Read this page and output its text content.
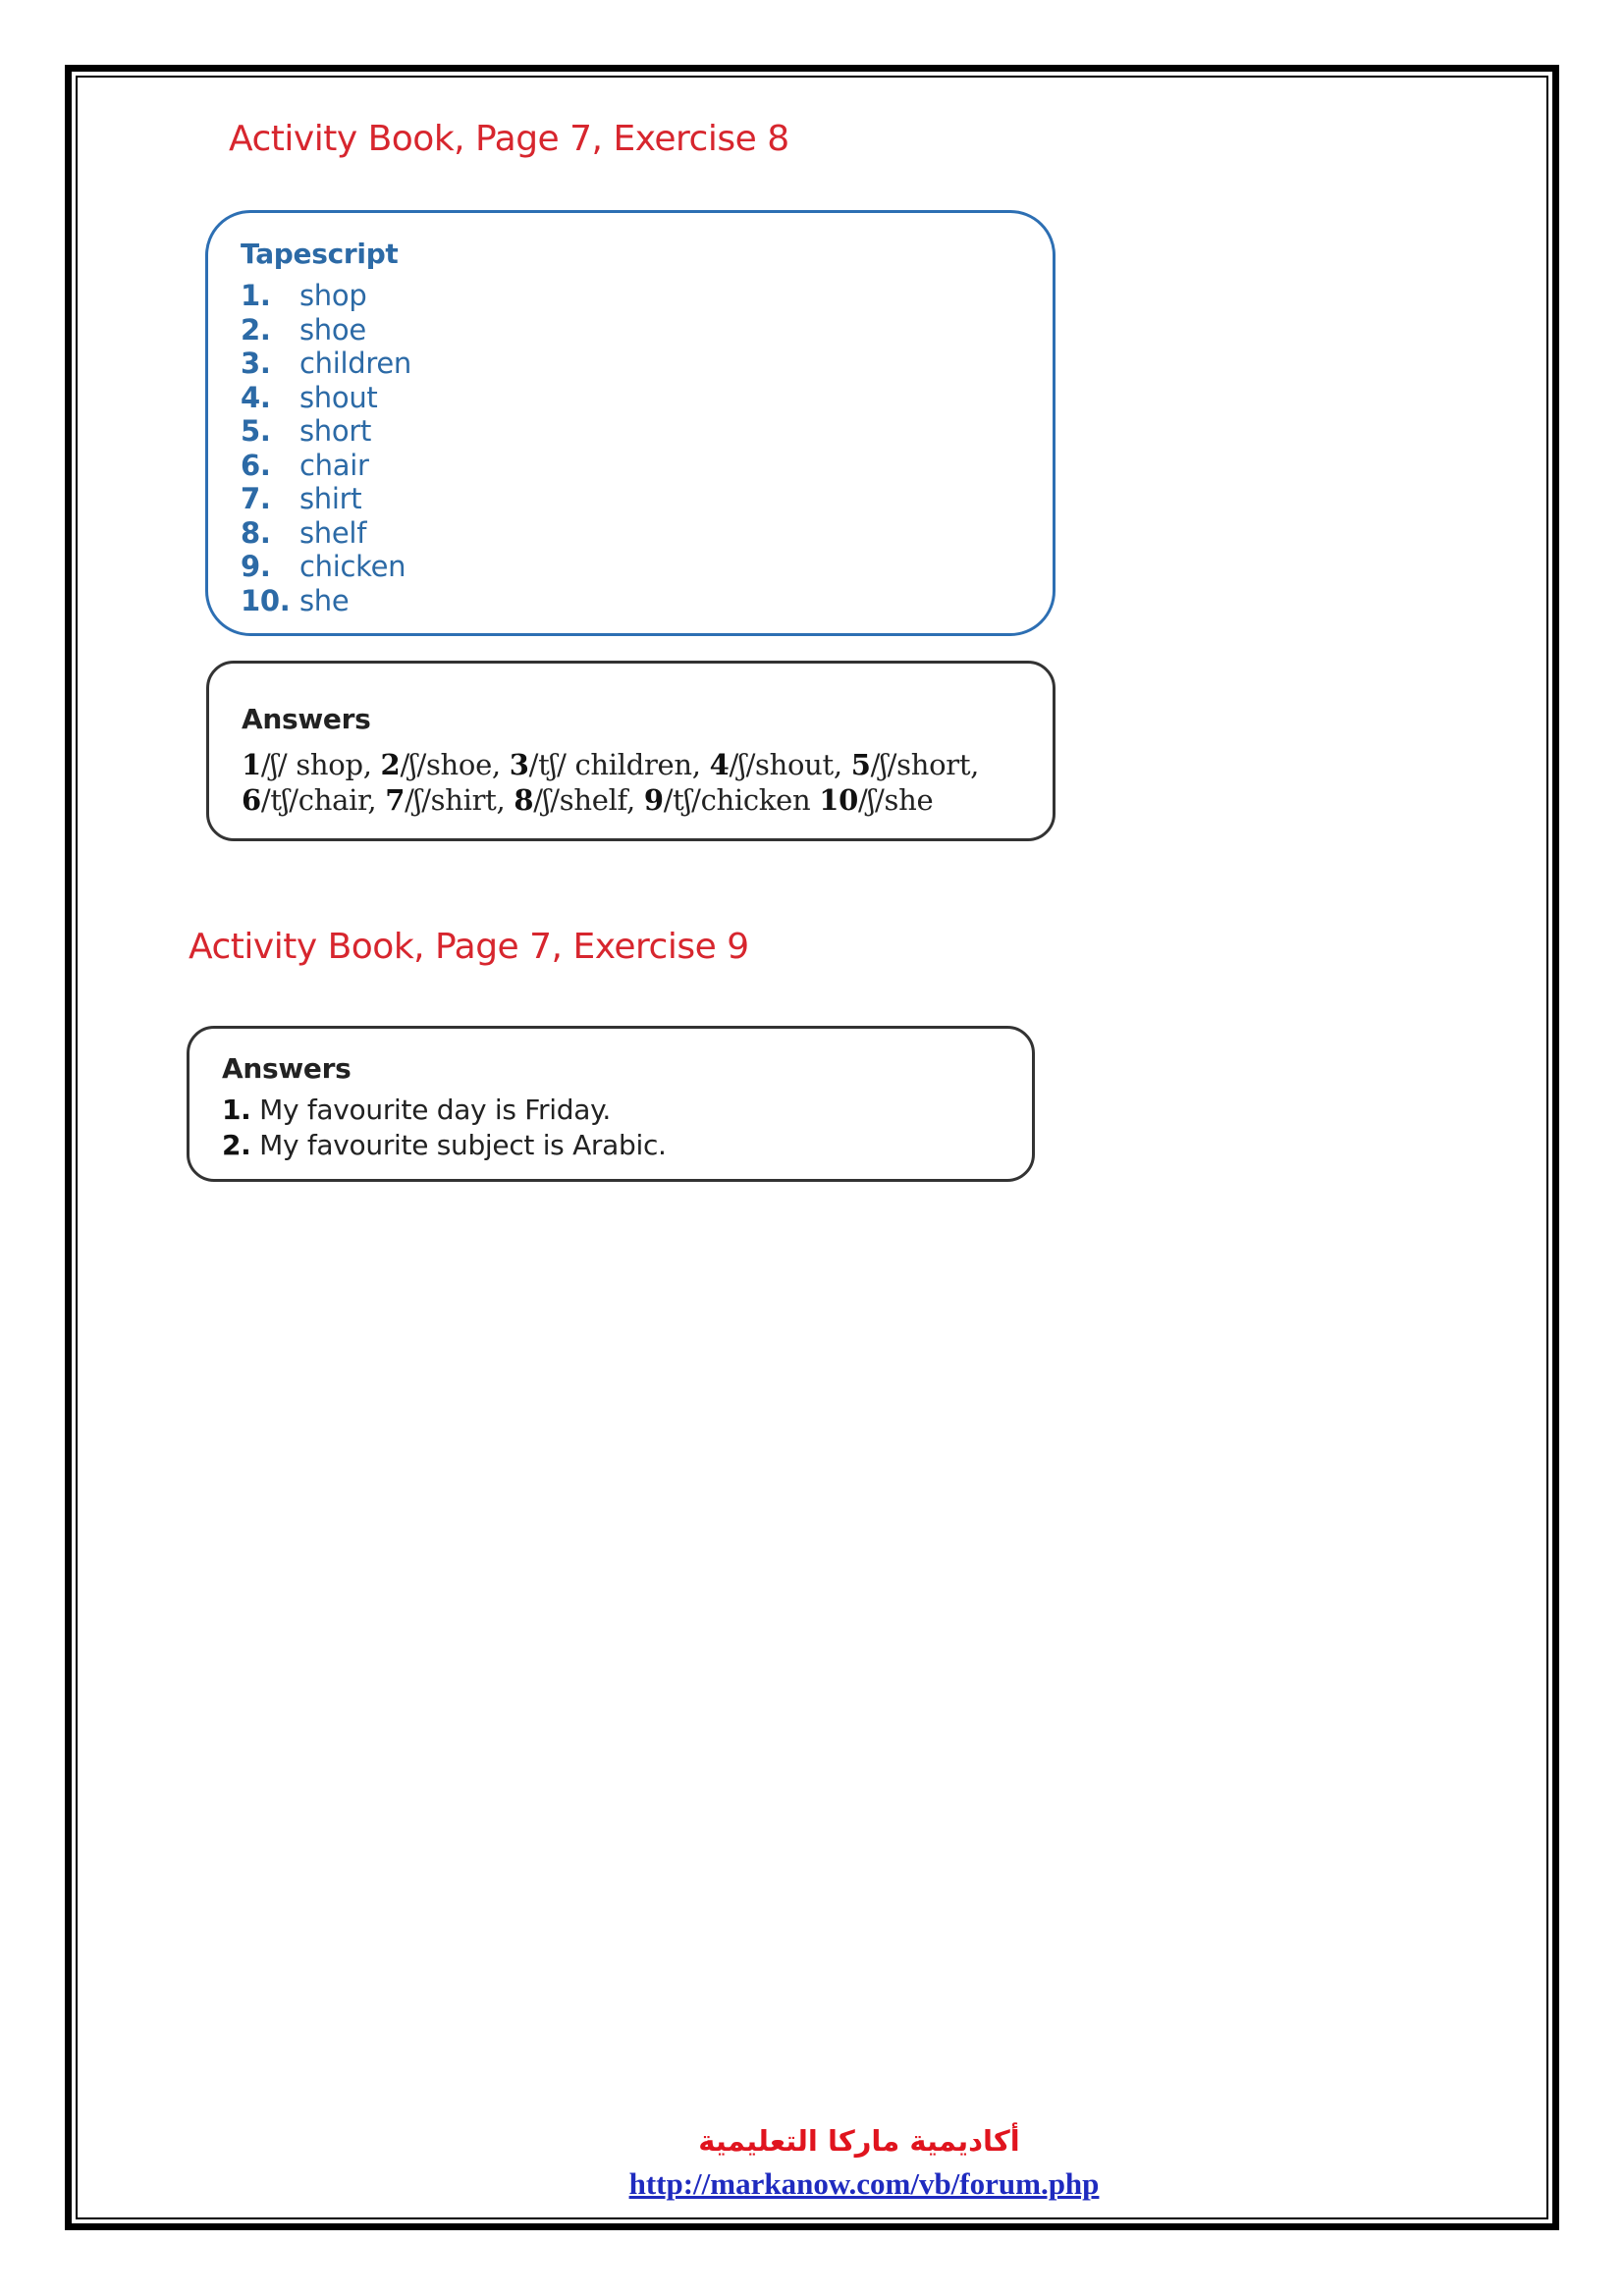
Activity Book, Page 7, Exercise 8
Tapescript
1. shop
2. shoe
3. children
4. shout
5. short
6. chair
7. shirt
8. shelf
9. chicken
10. she
Answers
1/ʃ/ shop, 2/ʃ/shoe, 3/tʃ/ children, 4/ʃ/shout, 5/ʃ/short,
6/tʃ/chair, 7/ʃ/shirt, 8/ʃ/shelf, 9/tʃ/chicken 10/ʃ/she
Activity Book, Page 7, Exercise 9
Answers
1. My favourite day is Friday.
2. My favourite subject is Arabic.

أكاديمية ماركا التعليمية

http://markanow.com/vb/forum.php
